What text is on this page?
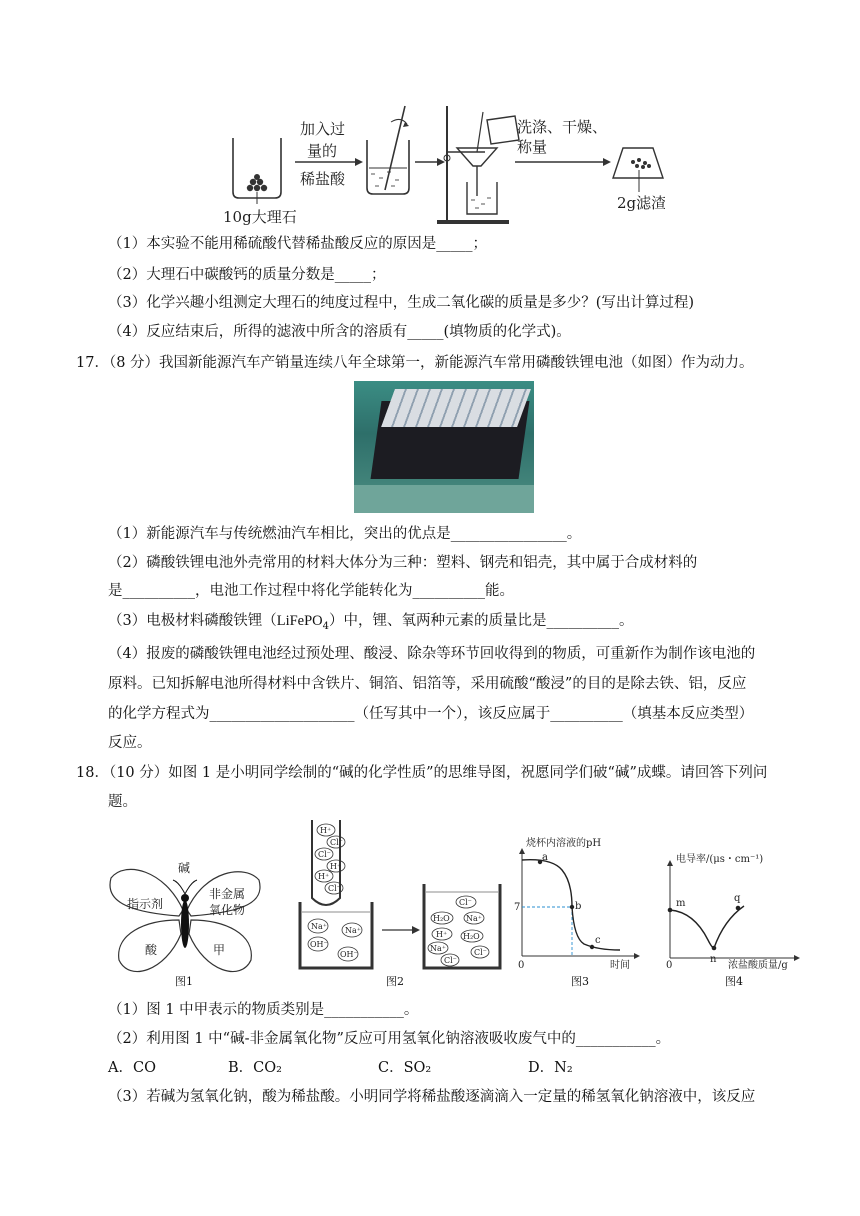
10g大理石
加入过
量的
稀盐酸
洗涤、干燥、
称量
2g滤渣
（1）本实验不能用稀硫酸代替稀盐酸反应的原因是_____；
（2）大理石中碳酸钙的质量分数是_____；
（3）化学兴趣小组测定大理石的纯度过程中，生成二氧化碳的质量是多少？(写出计算过程)
（4）反应结束后，所得的滤液中所含的溶质有_____(填物质的化学式)。
17．（8 分）我国新能源汽车产销量连续八年全球第一，新能源汽车常用磷酸铁锂电池（如图）作为动力。
（1）新能源汽车与传统燃油汽车相比，突出的优点是________________。
（2）磷酸铁锂电池外壳常用的材料大体分为三种：塑料、钢壳和铝壳，其中属于合成材料的
是__________，电池工作过程中将化学能转化为__________能。
（3）电极材料磷酸铁锂（LiFePO$_4$）中，锂、氧两种元素的质量比是__________。
（4）报废的磷酸铁锂电池经过预处理、酸浸、除杂等环节回收得到的物质，可重新作为制作该电池的
原料。已知拆解电池所得材料中含铁片、铜箔、铝箔等，采用硫酸“酸浸”的目的是除去铁、铝，反应
的化学方程式为____________________（任写其中一个），该反应属于__________（填基本反应类型）
反应。
18．（10 分）如图 1 是小明同学绘制的“碱的化学性质”的思维导图，祝愿同学们破“碱”成蝶。请回答下列问
题。
碱
指示剂
非金属
氧化物
酸	甲
图1
H⁺
Cl⁻
Cl⁻
H⁺
H⁺
Cl⁻
Na⁺ Na⁺
OH⁻
OH⁻
Cl⁻
H₂O Na⁺
H⁺ H₂O
Na⁺	Cl⁻
Cl⁻
图2
烧杯内溶液的pH
0
7
a
b
c
时间
图3
电导率/(μs・cm⁻¹)
0
m
n
q
浓盐酸质量/g
图4
（1）图 1 中甲表示的物质类别是___________。
（2）利用图 1 中“碱-非金属氧化物”反应可用氢氧化钠溶液吸收废气中的___________。
A．CO	B．CO₂	C．SO₂	D．N₂
（3）若碱为氢氧化钠，酸为稀盐酸。小明同学将稀盐酸逐滴滴入一定量的稀氢氧化钠溶液中，该反应
